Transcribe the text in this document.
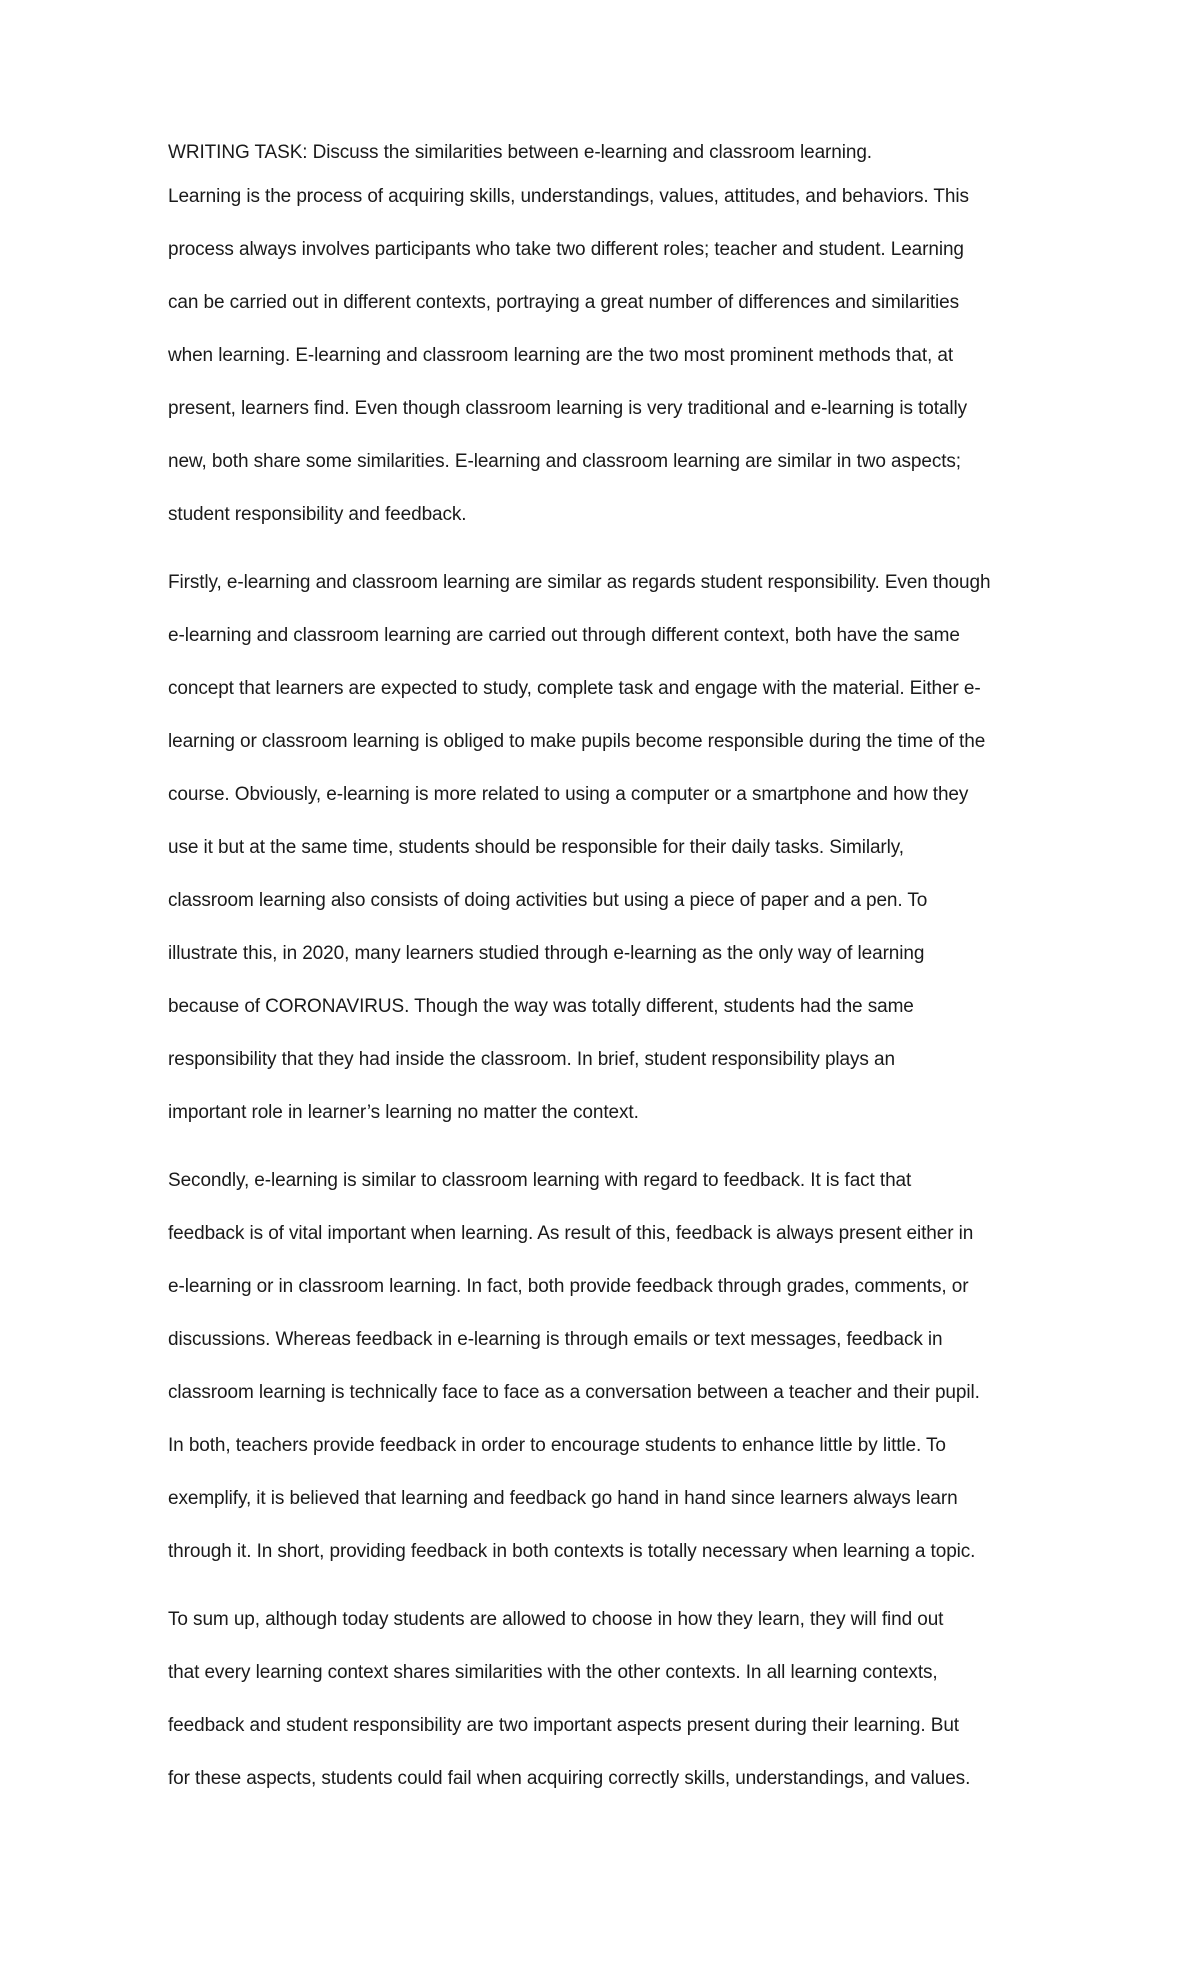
WRITING TASK: Discuss the similarities between e-learning and classroom learning.
Learning is the process of acquiring skills, understandings, values, attitudes, and behaviors. This
process always involves participants who take two different roles; teacher and student. Learning
can be carried out in different contexts, portraying a great number of differences and similarities
when learning. E-learning and classroom learning are the two most prominent methods that, at
present, learners find. Even though classroom learning is very traditional and e-learning is totally
new, both share some similarities. E-learning and classroom learning are similar in two aspects;
student responsibility and feedback.
Firstly, e-learning and classroom learning are similar as regards student responsibility. Even though
e-learning and classroom learning are carried out through different context, both have the same
concept that learners are expected to study, complete task and engage with the material. Either e-
learning or classroom learning is obliged to make pupils become responsible during the time of the
course. Obviously, e-learning is more related to using a computer or a smartphone and how they
use it but at the same time, students should be responsible for their daily tasks. Similarly,
classroom learning also consists of doing activities but using a piece of paper and a pen. To
illustrate this, in 2020, many learners studied through e-learning as the only way of learning
because of CORONAVIRUS. Though the way was totally different, students had the same
responsibility that they had inside the classroom. In brief, student responsibility plays an
important role in learner’s learning no matter the context.
Secondly, e-learning is similar to classroom learning with regard to feedback. It is fact that
feedback is of vital important when learning. As result of this, feedback is always present either in
e-learning or in classroom learning. In fact, both provide feedback through grades, comments, or
discussions. Whereas feedback in e-learning is through emails or text messages, feedback in
classroom learning is technically face to face as a conversation between a teacher and their pupil.
In both, teachers provide feedback in order to encourage students to enhance little by little. To
exemplify, it is believed that learning and feedback go hand in hand since learners always learn
through it. In short, providing feedback in both contexts is totally necessary when learning a topic.
To sum up, although today students are allowed to choose in how they learn, they will find out
that every learning context shares similarities with the other contexts. In all learning contexts,
feedback and student responsibility are two important aspects present during their learning. But
for these aspects, students could fail when acquiring correctly skills, understandings, and values.
